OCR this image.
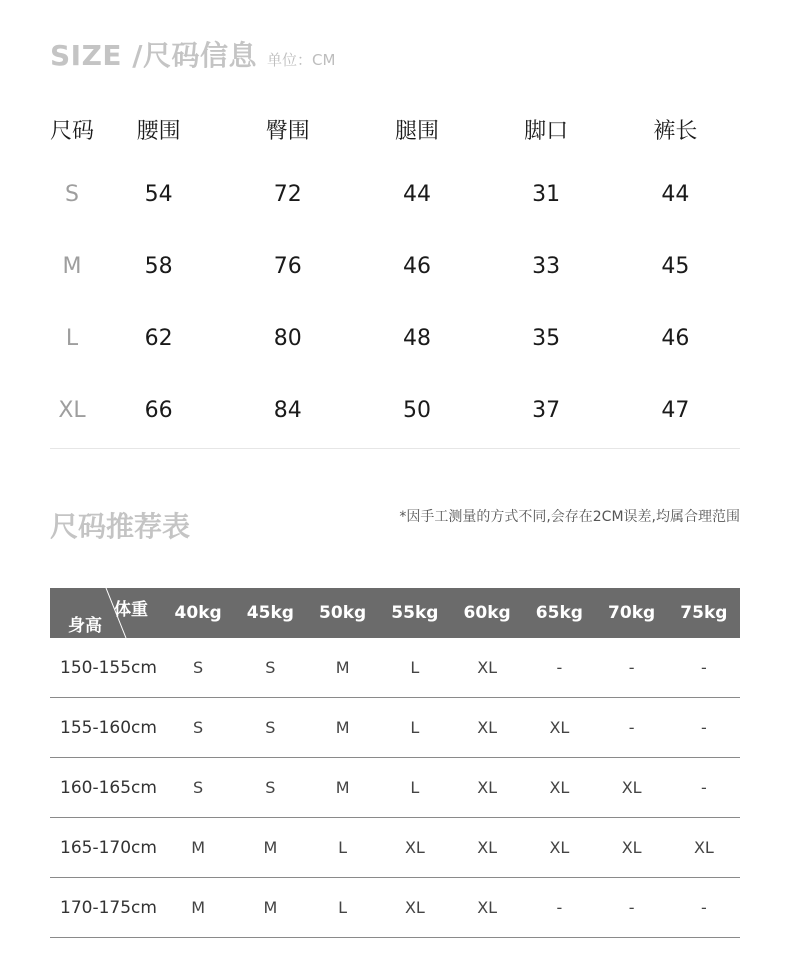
SIZE /尺码信息 单位：CM
尺码	腰围	臀围	腿围	脚口	裤长
S	54	72	44	31	44
M	58	76	46	33	45
L	62	80	48	35	46
XL	66	84	50	37	47
尺码推荐表	*因手工测量的方式不同,会存在2CM误差,均属合理范围
体重
身高
40kg	45kg	50kg	55kg	60kg	65kg	70kg	75kg
150-155cm	S	S	M	L	XL	-	-	-
155-160cm	S	S	M	L	XL	XL	-	-
160-165cm	S	S	M	L	XL	XL	XL	-
165-170cm	M	M	L	XL	XL	XL	XL	XL
170-175cm	M	M	L	XL	XL	-	-	-
